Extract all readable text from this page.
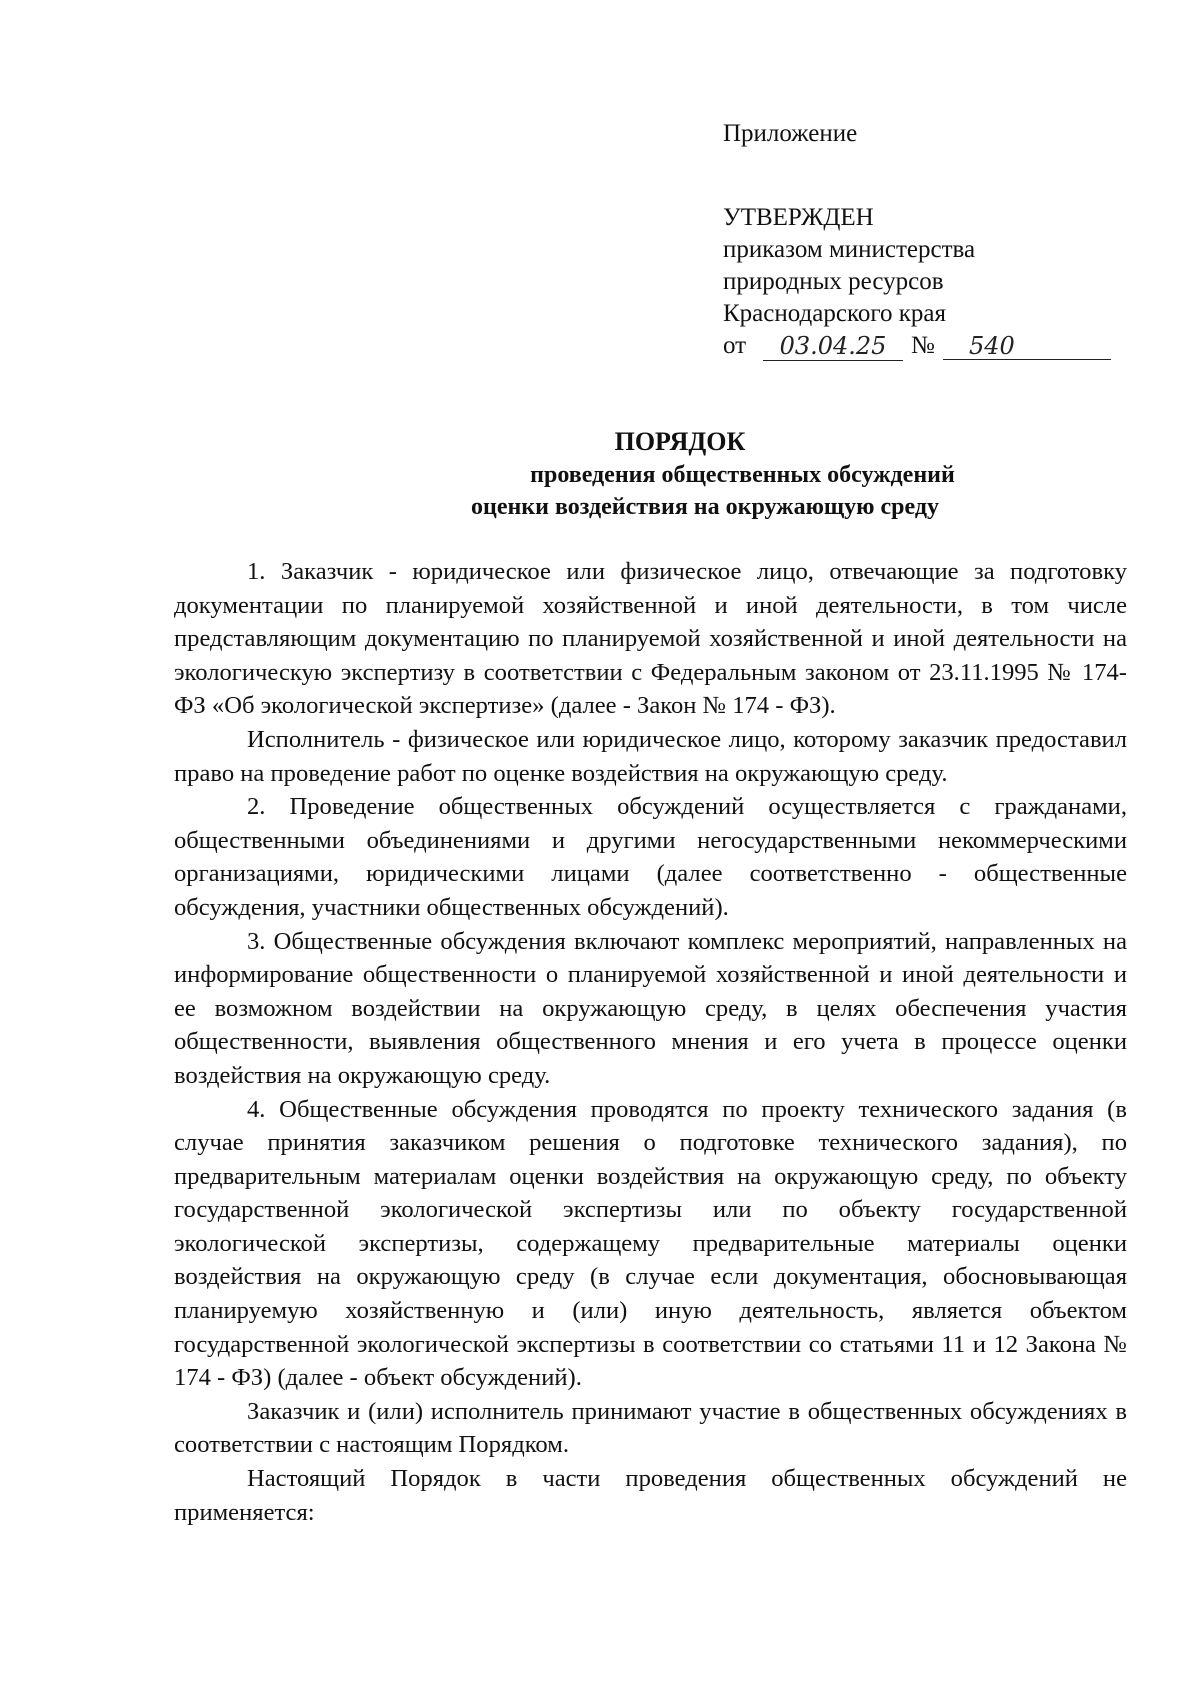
Приложение
УТВЕРЖДЕН
приказом министерства
природных ресурсов
Краснодарского края
от	03.04.25 №	540
ПОРЯДОК
проведения общественных обсуждений
оценки воздействия на окружающую среду

1. Заказчик - юридическое или физическое лицо, отвечающие за подготовку документации по планируемой хозяйственной и иной деятельности, в том числе представляющим документацию по планируемой хозяйственной и иной деятельности на экологическую экспертизу в соответствии с Федеральным законом от 23.11.1995 № 174-ФЗ «Об экологической экспертизе» (далее - Закон № 174 - ФЗ).

Исполнитель - физическое или юридическое лицо, которому заказчик предоставил право на проведение работ по оценке воздействия на окружающую среду.

2. Проведение общественных обсуждений осуществляется с гражданами, общественными объединениями и другими негосударственными некоммерческими организациями, юридическими лицами (далее соответственно - общественные обсуждения, участники общественных обсуждений).

3. Общественные обсуждения включают комплекс мероприятий, направленных на информирование общественности о планируемой хозяйственной и иной деятельности и ее возможном воздействии на окружающую среду, в целях обеспечения участия общественности, выявления общественного мнения и его учета в процессе оценки воздействия на окружающую среду.

4. Общественные обсуждения проводятся по проекту технического задания (в случае принятия заказчиком решения о подготовке технического задания), по предварительным материалам оценки воздействия на окружающую среду, по объекту государственной экологической экспертизы или по объекту государственной экологической экспертизы, содержащему предварительные материалы оценки воздействия на окружающую среду (в случае если документация, обосновывающая планируемую хозяйственную и (или) иную деятельность, является объектом государственной экологической экспертизы в соответствии со статьями 11 и 12 Закона № 174 - ФЗ) (далее - объект обсуждений).

Заказчик и (или) исполнитель принимают участие в общественных обсуждениях в соответствии с настоящим Порядком.

Настоящий Порядок в части проведения общественных обсуждений не применяется:
